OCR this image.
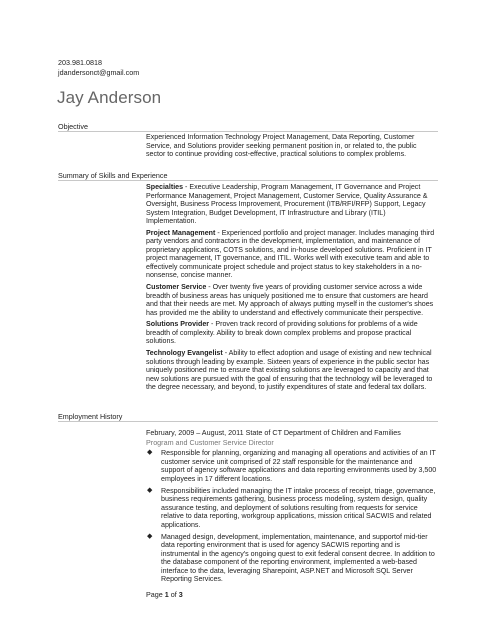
203.981.0818
jdandersonct@gmail.com
Jay Anderson
Objective

Experienced Information Technology Project Management, Data Reporting, Customer Service, and Solutions provider seeking permanent position in, or related to, the public sector to continue providing cost-effective, practical solutions to complex problems.

Summary of Skills and Experience

Specialties - Executive Leadership, Program Management, IT Governance and Project Performance Management, Project Management, Customer Service, Quality Assurance & Oversight, Business Process Improvement, Procurement (ITB/RFI/RFP) Support, Legacy System Integration, Budget Development, IT Infrastructure and Library (ITIL) Implementation.

Project Management - Experienced portfolio and project manager. Includes managing third party vendors and contractors in the development, implementation, and maintenance of proprietary applications, COTS solutions, and in-house developed solutions. Proficient in IT project management, IT governance, and ITIL. Works well with executive team and able to effectively communicate project schedule and project status to key stakeholders in a no-nonsense, concise manner.

Customer Service - Over twenty five years of providing customer service across a wide breadth of business areas has uniquely positioned me to ensure that customers are heard and that their needs are met. My approach of always putting myself in the customer's shoes has provided me the ability to understand and effectively communicate their perspective.

Solutions Provider - Proven track record of providing solutions for problems of a wide breadth of complexity. Ability to break down complex problems and propose practical solutions.

Technology Evangelist - Ability to effect adoption and usage of existing and new technical solutions through leading by example. Sixteen years of experience in the public sector has uniquely positioned me to ensure that existing solutions are leveraged to capacity and that new solutions are pursued with the goal of ensuring that the technology will be leveraged to the degree necessary, and beyond, to justify expenditures of state and federal tax dollars.

Employment History
February, 2009 – August, 2011 State of CT Department of Children and Families
Program and Customer Service Director
◆ Responsible for planning, organizing and managing all operations and activities of an IT customer service unit comprised of 22 staff responsible for the maintenance and support of agency software applications and data reporting environments used by 3,500 employees in 17 different locations.
◆ Responsibilities included managing the IT intake process of receipt, triage, governance, business requirements gathering, business process modeling, system design, quality assurance testing, and deployment of solutions resulting from requests for service relative to data reporting, workgroup applications, mission critical SACWIS and related applications.
◆ Managed design, development, implementation, maintenance, and supportof mid-tier data reporting environment that is used for agency SACWIS reporting and is instrumental in the agency's ongoing quest to exit federal consent decree. In addition to the database component of the reporting environment, implemented a web-based interface to the data, leveraging Sharepoint, ASP.NET and Microsoft SQL Server Reporting Services.
Page 1 of 3
